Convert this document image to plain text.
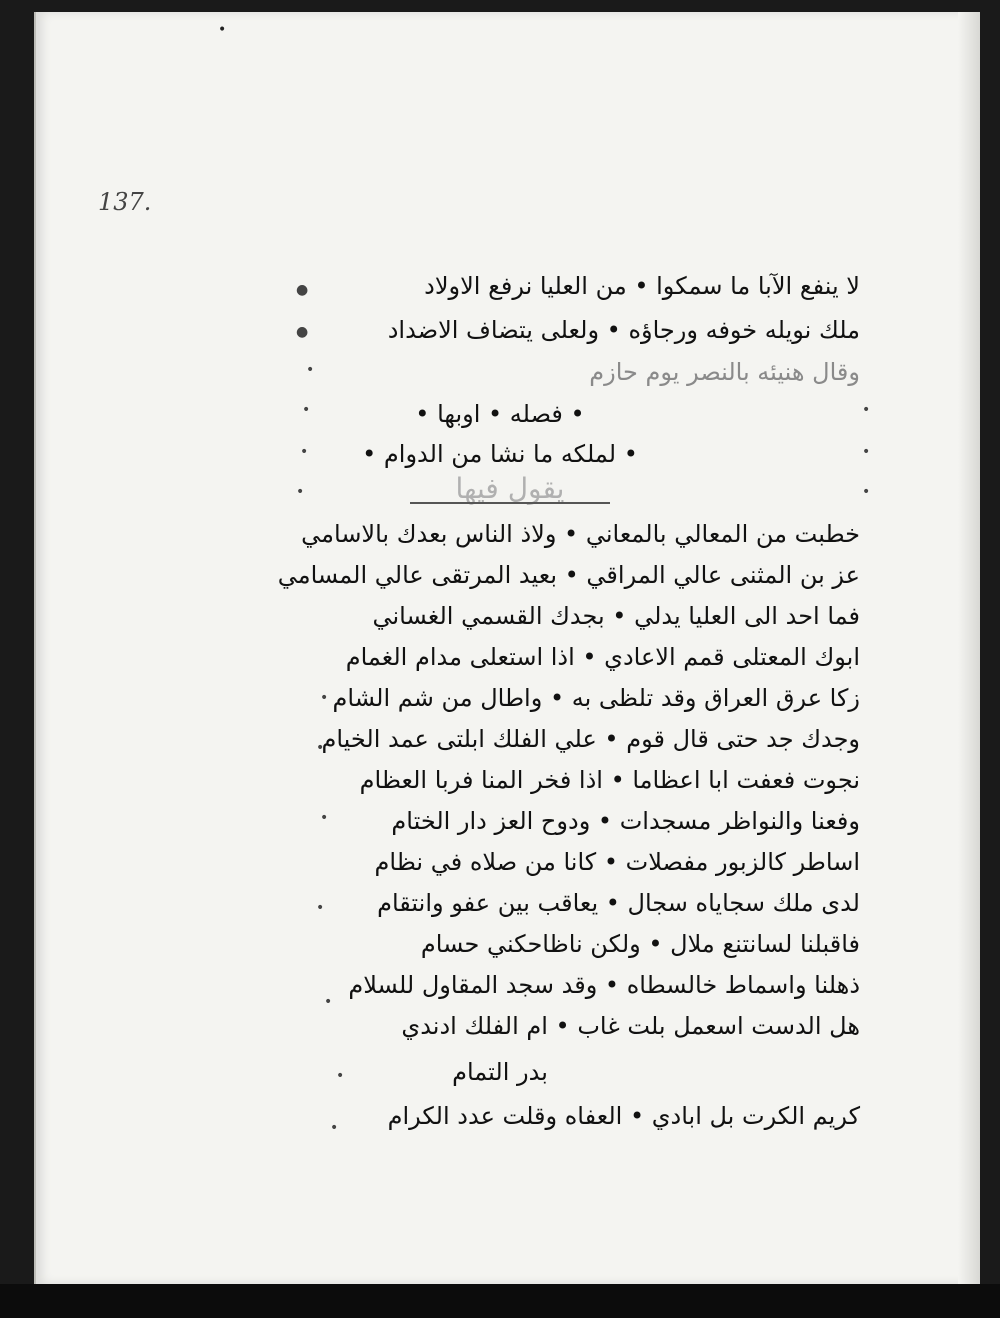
•
137.
لا ينفع الآبا ما سمكوا • من العليا نرفع الاولاد
ملك نويله خوفه ورجاؤه • ولعلى يتضاف الاضداد
وقال هنيئه بالنصر يوم حازم
• فصله • اوبها •
• لملكه ما نشا من الدوام •
يقول فيها
خطبت من المعالي بالمعاني • ولاذ الناس بعدك بالاسامي
عز بن المثنى عالي المراقي • بعيد المرتقى عالي المسامي
فما احد الى العليا يدلي • بجدك القسمي الغساني
ابوك المعتلى قمم الاعادي • اذا استعلى مدام الغمام
زكا عرق العراق وقد تلظى به • واطال من شم الشام
وجدك جد حتى قال قوم • علي الفلك ابلتى عمد الخيام
نجوت فعفت ابا اعظاما • اذا فخر المنا فربا العظام
وفعنا والنواظر مسجدات • ودوح العز دار الختام
اساطر كالزبور مفصلات • كانا من صلاه في نظام
لدى ملك سجاياه سجال • يعاقب بين عفو وانتقام
فاقبلنا لسانتنع ملال • ولكن ناظاحكني حسام
ذهلنا واسماط خالسطاه • وقد سجد المقاول للسلام
هل الدست اسعمل بلت غاب • ام الفلك ادندي
بدر التمام
كريم الكرت بل ابادي • العفاه وقلت عدد الكرام
●
●
•
•
•
•
•
•
•
•
•
•
•
•
•
•
